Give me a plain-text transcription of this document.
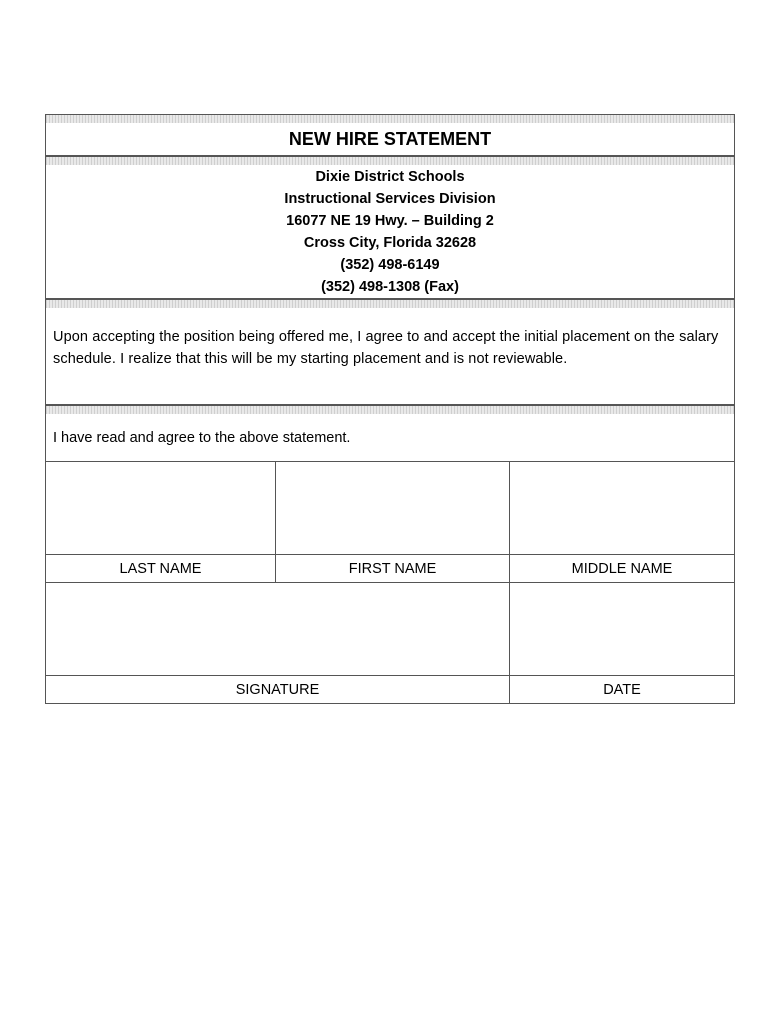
NEW HIRE STATEMENT
Dixie District Schools
Instructional Services Division
16077 NE 19 Hwy. – Building 2
Cross City, Florida 32628
(352) 498-6149
(352) 498-1308 (Fax)
Upon accepting the position being offered me, I agree to and accept the initial placement on the salary schedule. I realize that this will be my starting placement and is not reviewable.
I have read and agree to the above statement.
LAST NAME	FIRST NAME	MIDDLE NAME
SIGNATURE	DATE
